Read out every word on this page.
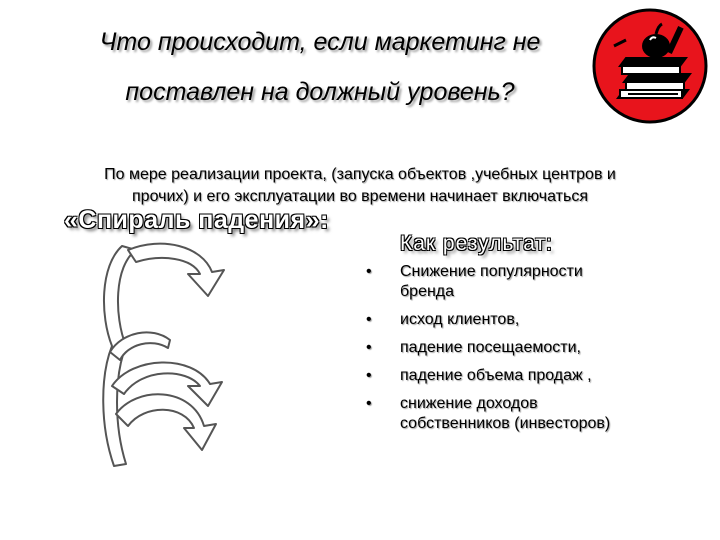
Что происходит, если маркетинг не
поставлен на должный уровень?
По мере реализации проекта, (запуска объектов ,учебных центров и
прочих) и его эксплуатации во времени начинает включаться
«Спираль падения»:
Как результат:
• Снижение популярности
бренда
• исход клиентов,
• падение посещаемости,
• падение объема продаж ,
• снижение доходов
собственников (инвесторов)
